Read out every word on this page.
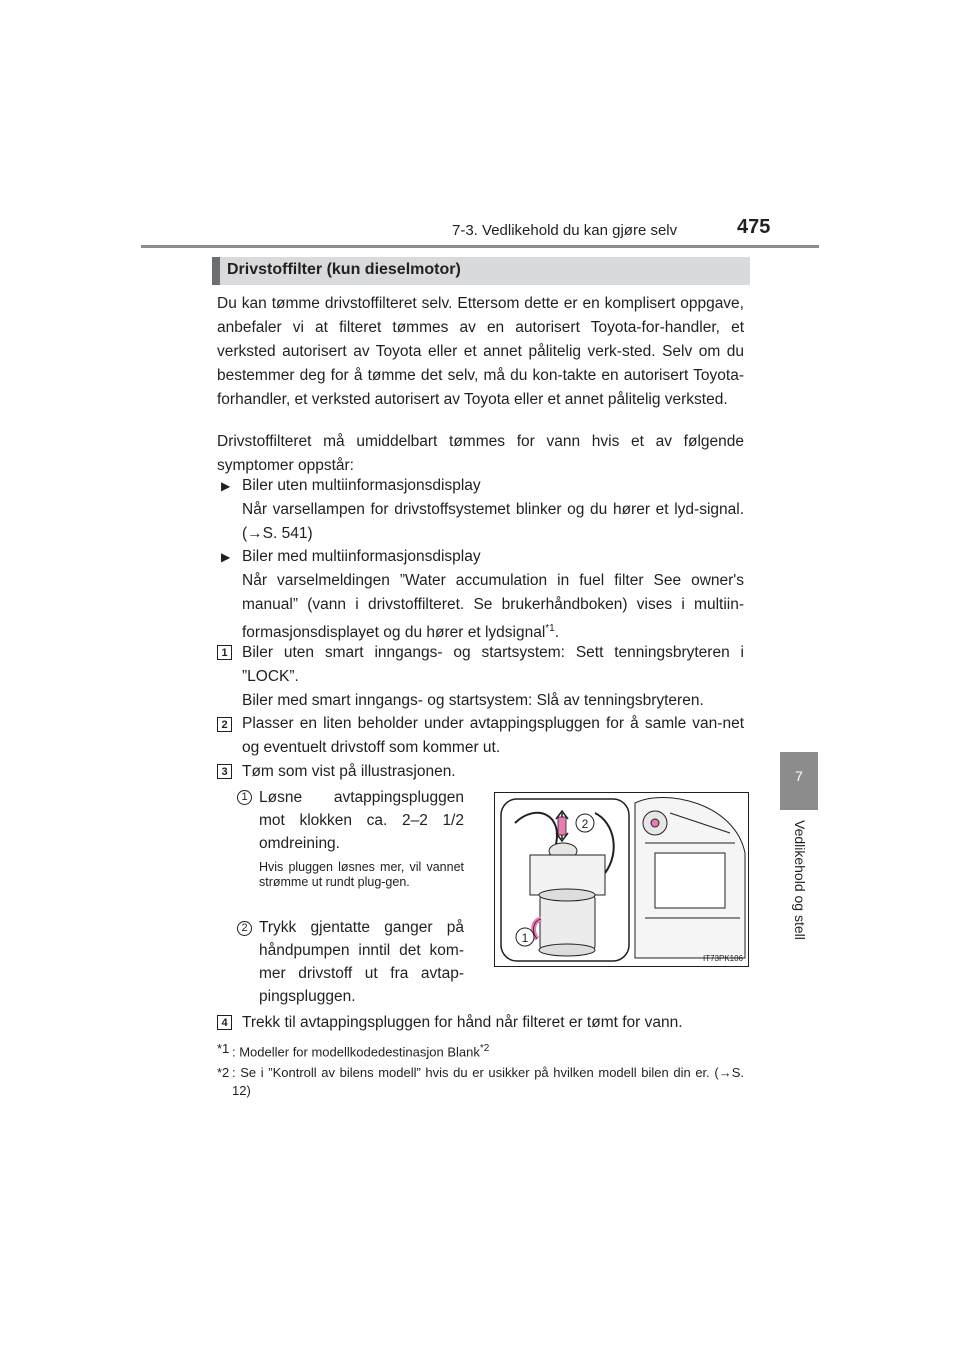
7-3. Vedlikehold du kan gjøre selv	475
7
Vedlikehold og stell
Drivstoffilter (kun dieselmotor)
Du kan tømme drivstoffilteret selv. Ettersom dette er en komplisert oppgave, anbefaler vi at filteret tømmes av en autorisert Toyota-for-handler, et verksted autorisert av Toyota eller et annet pålitelig verk-sted. Selv om du bestemmer deg for å tømme det selv, må du kon-takte en autorisert Toyota-forhandler, et verksted autorisert av Toyota eller et annet pålitelig verksted.
Drivstoffilteret må umiddelbart tømmes for vann hvis et av følgende symptomer oppstår:
▶ Biler uten multiinformasjonsdisplay
Når varsellampen for drivstoffsystemet blinker og du hører et lyd-signal. (→S. 541)
▶ Biler med multiinformasjonsdisplay
Når varselmeldingen ”Water accumulation in fuel filter See owner's manual” (vann i drivstoffilteret. Se brukerhåndboken) vises i multiin-formasjonsdisplayet og du hører et lydsignal$^{*1}$.
1 Biler uten smart inngangs- og startsystem: Sett tenningsbryteren i ”LOCK”.
Biler med smart inngangs- og startsystem: Slå av tenningsbryteren.
2 Plasser en liten beholder under avtappingspluggen for å samle van-net og eventuelt drivstoff som kommer ut.
3 Tøm som vist på illustrasjonen.
1 Løsne avtappingspluggen mot klokken ca. 2–2 1/2 omdreining.
Hvis pluggen løsnes mer, vil vannet strømme ut rundt plug-gen.
2 Trykk gjentatte ganger på håndpumpen inntil det kom-mer drivstoff ut fra avtap-pingspluggen.
1
2
IT73PK106
4 Trekk til avtappingspluggen for hånd når filteret er tømt for vann.
*1 : Modeller for modellkodedestinasjon Blank$^{*2}$
*2 : Se i ”Kontroll av bilens modell” hvis du er usikker på hvilken modell bilen din er. (→S. 12)
